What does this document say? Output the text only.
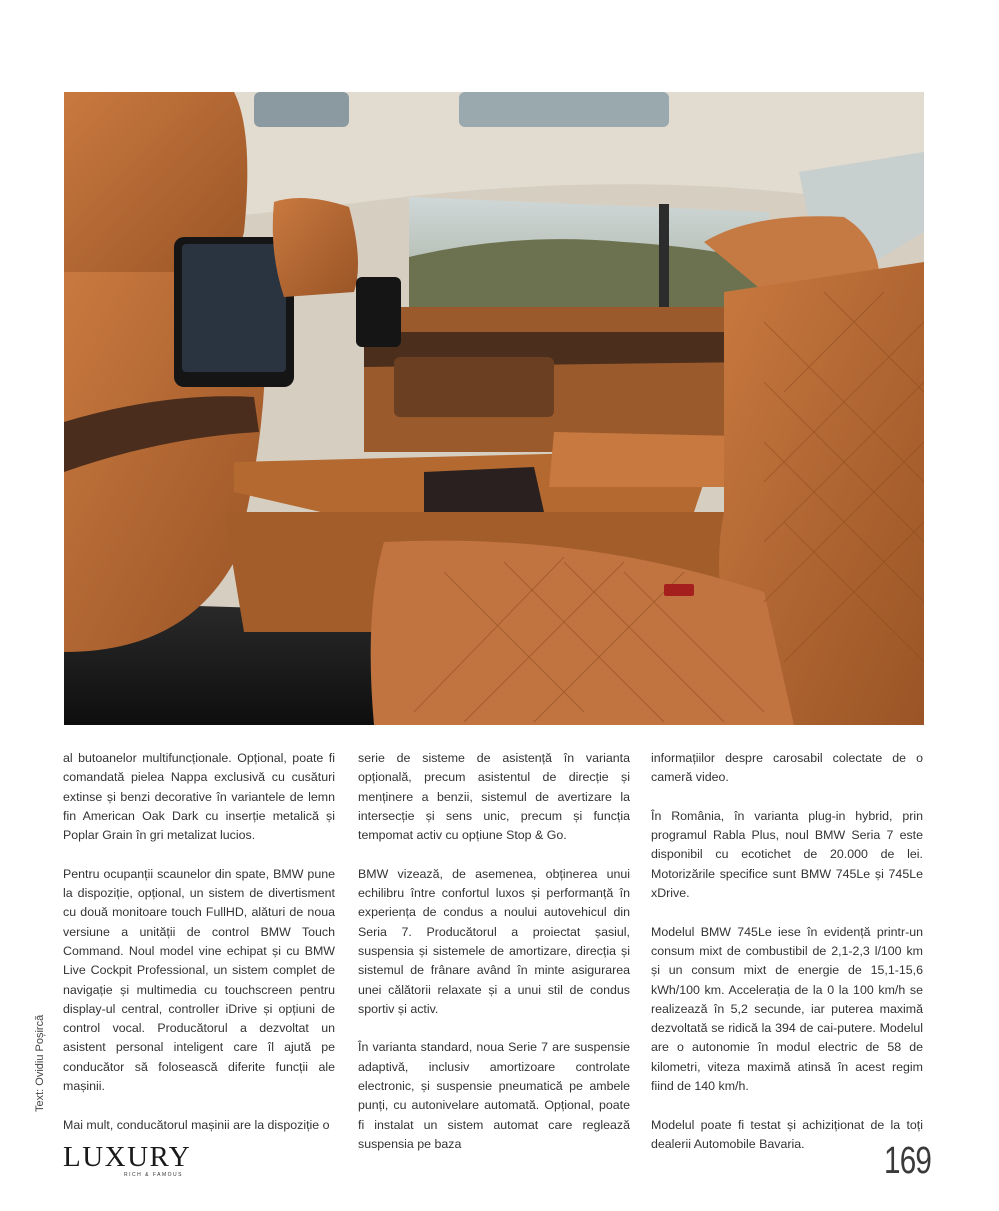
al butoanelor multifuncționale. Opțional, poate fi comandată pielea Nappa exclusivă cu cusături extinse și benzi decorative în variantele de lemn fin American Oak Dark cu inserție metalică și Poplar Grain în gri metalizat lucios.

Pentru ocupanții scaunelor din spate, BMW pune la dispoziție, opțional, un sistem de divertisment cu două monitoare touch FullHD, alături de noua versiune a unității de control BMW Touch Command. Noul model vine echipat și cu BMW Live Cockpit Professional, un sistem complet de navigație și multimedia cu touchscreen pentru display-ul central, controller iDrive și opțiuni de control vocal. Producătorul a dezvoltat un asistent personal inteligent care îl ajută pe conducător să folosească diferite funcții ale mașinii.

Mai mult, conducătorul mașinii are la dispoziție o

serie de sisteme de asistență în varianta opțională, precum asistentul de direcție și menținere a benzii, sistemul de avertizare la intersecție și sens unic, precum și funcția tempomat activ cu opțiune Stop & Go.

BMW vizează, de asemenea, obținerea unui echilibru între confortul luxos și performanță în experiența de condus a noului autovehicul din Seria 7. Producătorul a proiectat șasiul, suspensia și sistemele de amortizare, direcția și sistemul de frânare având în minte asigurarea unei călătorii relaxate și a unui stil de condus sportiv și activ.

În varianta standard, noua Serie 7 are suspensie adaptivă, inclusiv amortizoare controlate electronic, și suspensie pneumatică pe ambele punți, cu autonivelare automată. Opțional, poate fi instalat un sistem automat care reglează suspensia pe baza

informațiilor despre carosabil colectate de o cameră video.

În România, în varianta plug-in hybrid, prin programul Rabla Plus, noul BMW Seria 7 este disponibil cu ecotichet de 20.000 de lei. Motorizările specifice sunt BMW 745Le și 745Le xDrive.

Modelul BMW 745Le iese în evidență printr-un consum mixt de combustibil de 2,1-2,3 l/100 km și un consum mixt de energie de 15,1-15,6 kWh/100 km. Accelerația de la 0 la 100 km/h se realizează în 5,2 secunde, iar puterea maximă dezvoltată se ridică la 394 de cai-putere. Modelul are o autonomie în modul electric de 58 de kilometri, viteza maximă atinsă în acest regim fiind de 140 km/h.

Modelul poate fi testat și achiziționat de la toți dealerii Automobile Bavaria.

Text: Ovidiu Poșircă
LUXURY
RICH & FAMOUS	169
